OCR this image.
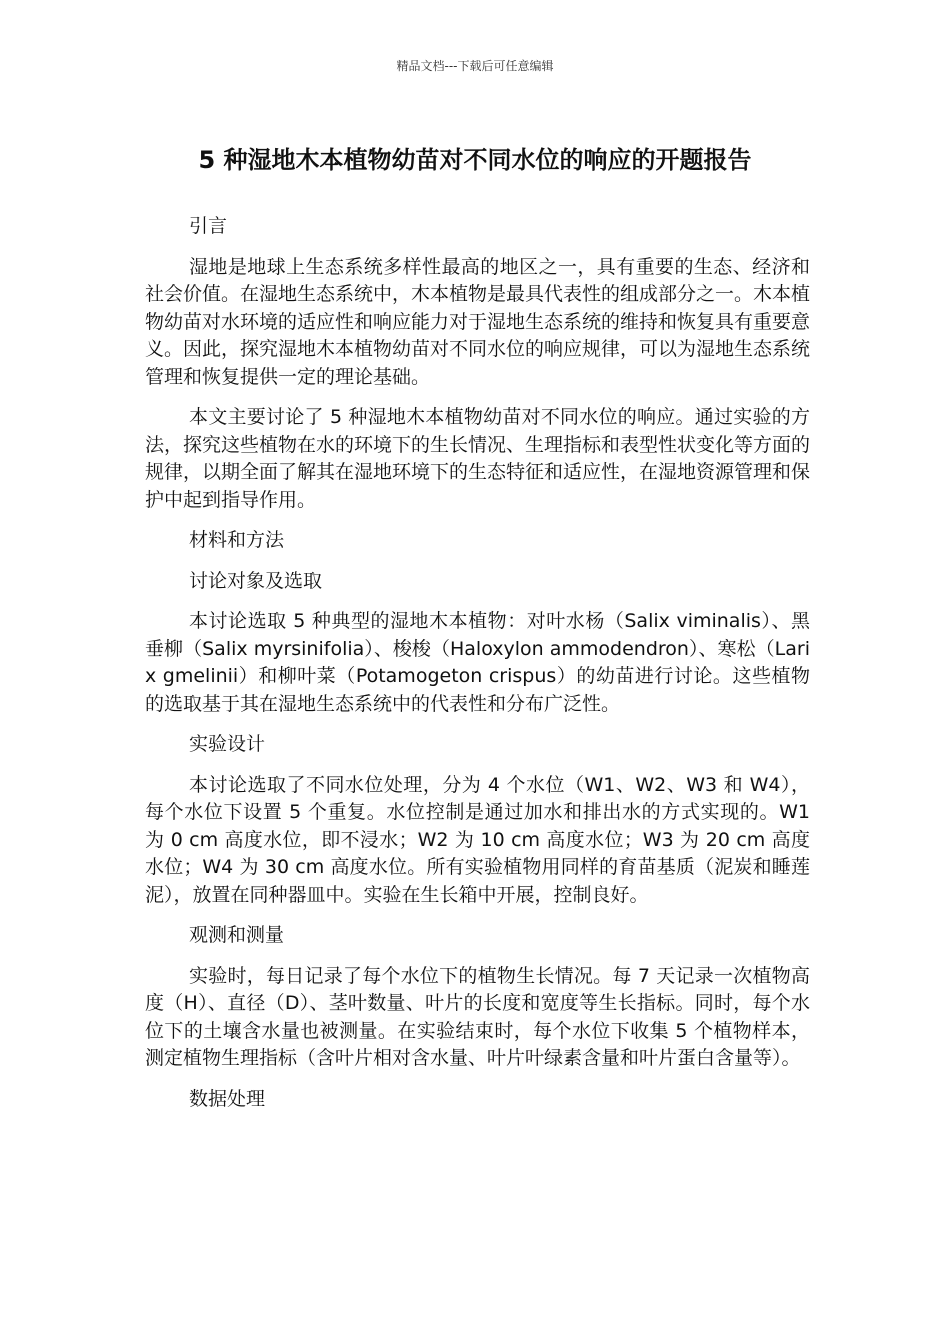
精品文档---下载后可任意编辑
5 种湿地木本植物幼苗对不同水位的响应的开题报告
引言

湿地是地球上生态系统多样性最高的地区之一，具有重要的生态、经济和社会价值。在湿地生态系统中，木本植物是最具代表性的组成部分之一。木本植物幼苗对水环境的适应性和响应能力对于湿地生态系统的维持和恢复具有重要意义。因此，探究湿地木本植物幼苗对不同水位的响应规律，可以为湿地生态系统管理和恢复提供一定的理论基础。

本文主要讨论了 5 种湿地木本植物幼苗对不同水位的响应。通过实验的方法，探究这些植物在水的环境下的生长情况、生理指标和表型性状变化等方面的规律，以期全面了解其在湿地环境下的生态特征和适应性，在湿地资源管理和保护中起到指导作用。

材料和方法
讨论对象及选取

本讨论选取 5 种典型的湿地木本植物：对叶水杨（Salix viminalis）、黑垂柳（Salix myrsinifolia）、梭梭（Haloxylon ammodendron）、寒松（Larix gmelinii）和柳叶菜（Potamogeton crispus）的幼苗进行讨论。这些植物的选取基于其在湿地生态系统中的代表性和分布广泛性。

实验设计

本讨论选取了不同水位处理，分为 4 个水位（W1、W2、W3 和 W4），每个水位下设置 5 个重复。水位控制是通过加水和排出水的方式实现的。W1 为 0 cm 高度水位，即不浸水；W2 为 10 cm 高度水位；W3 为 20 cm 高度水位；W4 为 30 cm 高度水位。所有实验植物用同样的育苗基质（泥炭和睡莲泥），放置在同种器皿中。实验在生长箱中开展，控制良好。

观测和测量

实验时，每日记录了每个水位下的植物生长情况。每 7 天记录一次植物高度（H）、直径（D）、茎叶数量、叶片的长度和宽度等生长指标。同时，每个水位下的土壤含水量也被测量。在实验结束时，每个水位下收集 5 个植物样本，测定植物生理指标（含叶片相对含水量、叶片叶绿素含量和叶片蛋白含量等）。

数据处理
